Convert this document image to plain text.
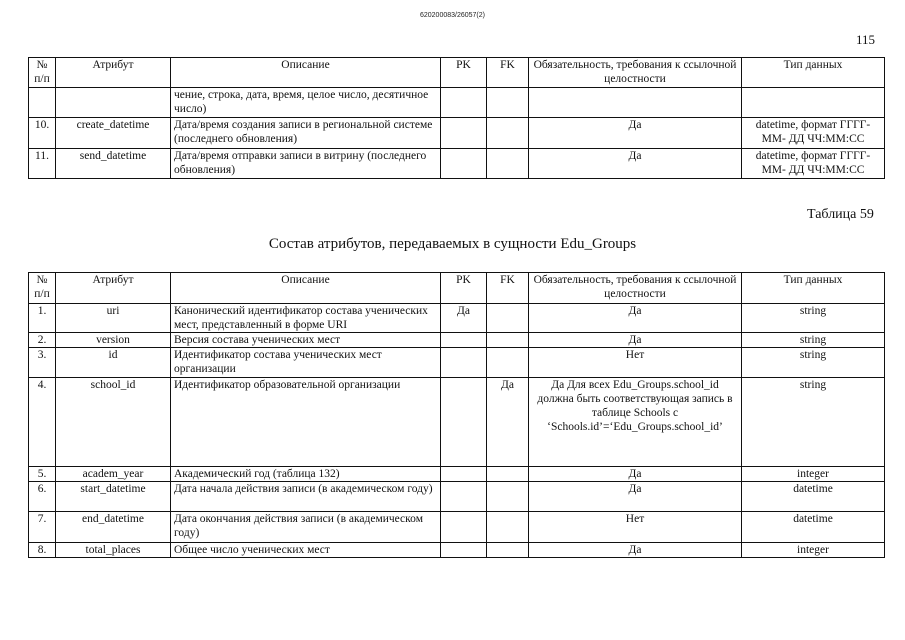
620200083/26057(2)
115
№ п/п	Атрибут	Описание	PK	FK	Обязательность, требования к ссылочной целостности	Тип данных
		чение, строка, дата, время, целое число, десятичное число)				
10.	create_datetime	Дата/время создания записи в региональной системе (последнего обновления)			Да	datetime, формат ГГГГ-ММ- ДД ЧЧ:ММ:СС
11.	send_datetime	Дата/время отправки записи в витрину (последнего обновления)			Да	datetime, формат ГГГГ-ММ- ДД ЧЧ:ММ:СС
Таблица 59
Состав атрибутов, передаваемых в сущности Edu_Groups
№ п/п	Атрибут	Описание	PK	FK	Обязательность, требования к ссылочной целостности	Тип данных
1.	uri	Канонический идентификатор состава ученических мест, представленный в форме URI	Да		Да	string
2.	version	Версия состава ученических мест			Да	string
3.	id	Идентификатор состава ученических мест организации			Нет	string
4.	school_id	Идентификатор образовательной организации		Да	Да Для всех Edu_Groups.school_id должна быть соответствующая запись в таблице Schools с ‘Schools.id’=‘Edu_Groups.school_id’	string
5.	academ_year	Академический год (таблица 132)			Да	integer
6.	start_datetime	Дата начала действия записи (в академическом году)			Да	datetime
7.	end_datetime	Дата окончания действия записи (в академическом году)			Нет	datetime
8.	total_places	Общее число ученических мест			Да	integer
